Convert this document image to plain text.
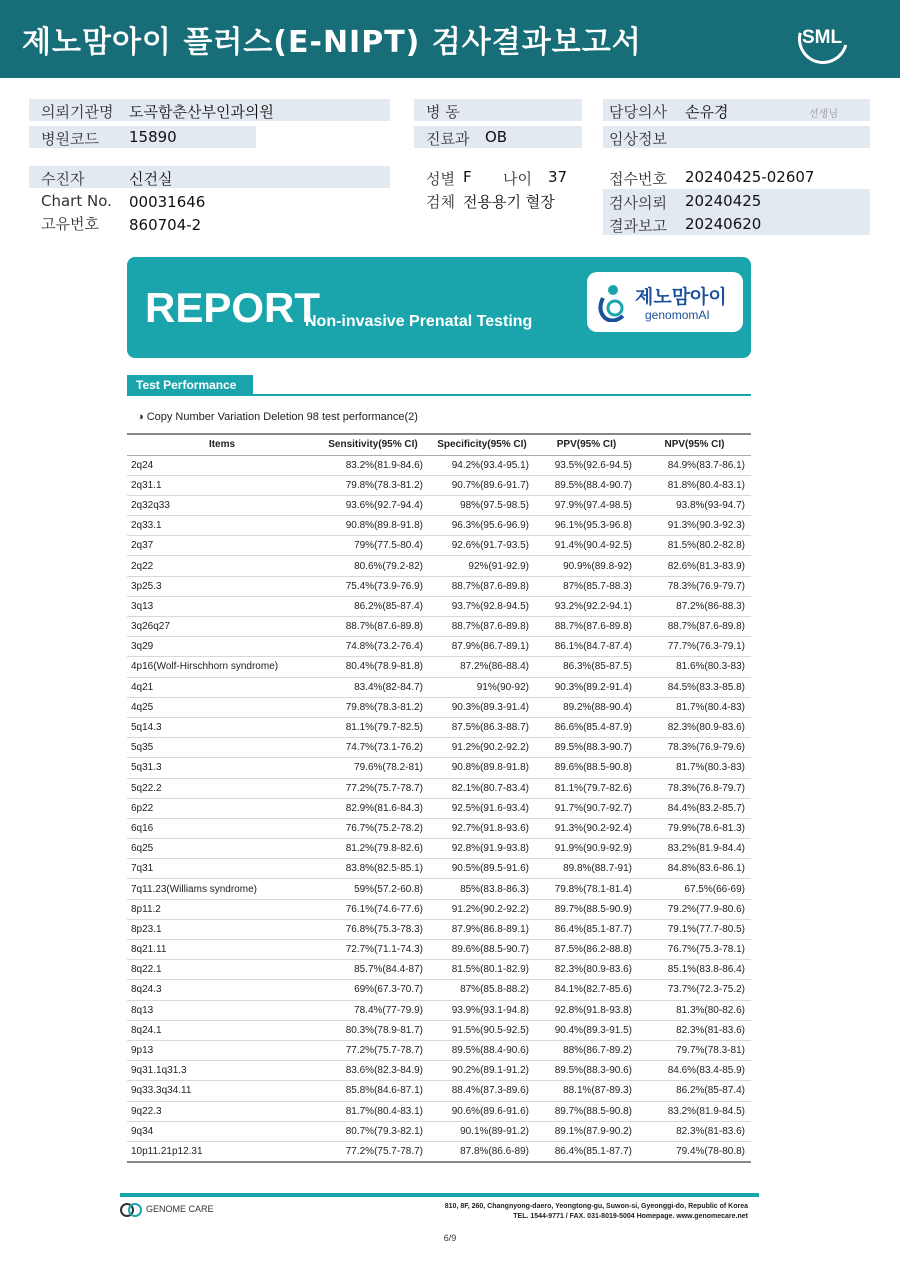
제노맘아이 플러스(E-NIPT) 검사결과보고서	SML
의뢰기관명 도곡함춘산부인과의원	병 동	담당의사 손유경	선생님
병원코드 15890	진료과 OB	임상정보
수진자	신건실
Chart No. 00031646
고유번호 860704-2
성별 F 나이 37
검체 전용용기 혈장
접수번호 20240425-02607
검사의뢰 20240425
결과보고 20240620
REPORT
Non-invasive Prenatal Testing
제노맘아이
genomomAI
Test Performance
◑ Copy Number Variation Deletion 98 test performance(2)
Items	Sensitivity(95% CI)	Specificity(95% CI)	PPV(95% CI)	NPV(95% CI)
2q24	83.2%(81.9-84.6)	94.2%(93.4-95.1)	93.5%(92.6-94.5)	84.9%(83.7-86.1)
2q31.1	79.8%(78.3-81.2)	90.7%(89.6-91.7)	89.5%(88.4-90.7)	81.8%(80.4-83.1)
2q32q33	93.6%(92.7-94.4)	98%(97.5-98.5)	97.9%(97.4-98.5)	93.8%(93-94.7)
2q33.1	90.8%(89.8-91.8)	96.3%(95.6-96.9)	96.1%(95.3-96.8)	91.3%(90.3-92.3)
2q37	79%(77.5-80.4)	92.6%(91.7-93.5)	91.4%(90.4-92.5)	81.5%(80.2-82.8)
2q22	80.6%(79.2-82)	92%(91-92.9)	90.9%(89.8-92)	82.6%(81.3-83.9)
3p25.3	75.4%(73.9-76.9)	88.7%(87.6-89.8)	87%(85.7-88.3)	78.3%(76.9-79.7)
3q13	86.2%(85-87.4)	93.7%(92.8-94.5)	93.2%(92.2-94.1)	87.2%(86-88.3)
3q26q27	88.7%(87.6-89.8)	88.7%(87.6-89.8)	88.7%(87.6-89.8)	88.7%(87.6-89.8)
3q29	74.8%(73.2-76.4)	87.9%(86.7-89.1)	86.1%(84.7-87.4)	77.7%(76.3-79.1)
4p16(Wolf-Hirschhorn syndrome)	80.4%(78.9-81.8)	87.2%(86-88.4)	86.3%(85-87.5)	81.6%(80.3-83)
4q21	83.4%(82-84.7)	91%(90-92)	90.3%(89.2-91.4)	84.5%(83.3-85.8)
4q25	79.8%(78.3-81.2)	90.3%(89.3-91.4)	89.2%(88-90.4)	81.7%(80.4-83)
5q14.3	81.1%(79.7-82.5)	87.5%(86.3-88.7)	86.6%(85.4-87.9)	82.3%(80.9-83.6)
5q35	74.7%(73.1-76.2)	91.2%(90.2-92.2)	89.5%(88.3-90.7)	78.3%(76.9-79.6)
5q31.3	79.6%(78.2-81)	90.8%(89.8-91.8)	89.6%(88.5-90.8)	81.7%(80.3-83)
5q22.2	77.2%(75.7-78.7)	82.1%(80.7-83.4)	81.1%(79.7-82.6)	78.3%(76.8-79.7)
6p22	82.9%(81.6-84.3)	92.5%(91.6-93.4)	91.7%(90.7-92.7)	84.4%(83.2-85.7)
6q16	76.7%(75.2-78.2)	92.7%(91.8-93.6)	91.3%(90.2-92.4)	79.9%(78.6-81.3)
6q25	81.2%(79.8-82.6)	92.8%(91.9-93.8)	91.9%(90.9-92.9)	83.2%(81.9-84.4)
7q31	83.8%(82.5-85.1)	90.5%(89.5-91.6)	89.8%(88.7-91)	84.8%(83.6-86.1)
7q11.23(Williams syndrome)	59%(57.2-60.8)	85%(83.8-86.3)	79.8%(78.1-81.4)	67.5%(66-69)
8p11.2	76.1%(74.6-77.6)	91.2%(90.2-92.2)	89.7%(88.5-90.9)	79.2%(77.9-80.6)
8p23.1	76.8%(75.3-78.3)	87.9%(86.8-89.1)	86.4%(85.1-87.7)	79.1%(77.7-80.5)
8q21.11	72.7%(71.1-74.3)	89.6%(88.5-90.7)	87.5%(86.2-88.8)	76.7%(75.3-78.1)
8q22.1	85.7%(84.4-87)	81.5%(80.1-82.9)	82.3%(80.9-83.6)	85.1%(83.8-86.4)
8q24.3	69%(67.3-70.7)	87%(85.8-88.2)	84.1%(82.7-85.6)	73.7%(72.3-75.2)
8q13	78.4%(77-79.9)	93.9%(93.1-94.8)	92.8%(91.8-93.8)	81.3%(80-82.6)
8q24.1	80.3%(78.9-81.7)	91.5%(90.5-92.5)	90.4%(89.3-91.5)	82.3%(81-83.6)
9p13	77.2%(75.7-78.7)	89.5%(88.4-90.6)	88%(86.7-89.2)	79.7%(78.3-81)
9q31.1q31.3	83.6%(82.3-84.9)	90.2%(89.1-91.2)	89.5%(88.3-90.6)	84.6%(83.4-85.9)
9q33.3q34.11	85.8%(84.6-87.1)	88.4%(87.3-89.6)	88.1%(87-89.3)	86.2%(85-87.4)
9q22.3	81.7%(80.4-83.1)	90.6%(89.6-91.6)	89.7%(88.5-90.8)	83.2%(81.9-84.5)
9q34	80.7%(79.3-82.1)	90.1%(89-91.2)	89.1%(87.9-90.2)	82.3%(81-83.6)
10p11.21p12.31	77.2%(75.7-78.7)	87.8%(86.6-89)	86.4%(85.1-87.7)	79.4%(78-80.8)
GENOME CARE	810, 8F, 260, Changnyong-daero, Yeongtong-gu, Suwon-si, Gyeonggi-do, Republic of Korea
TEL. 1544-9771 / FAX. 031-8019-5004 Homepage. www.genomecare.net
6/9
